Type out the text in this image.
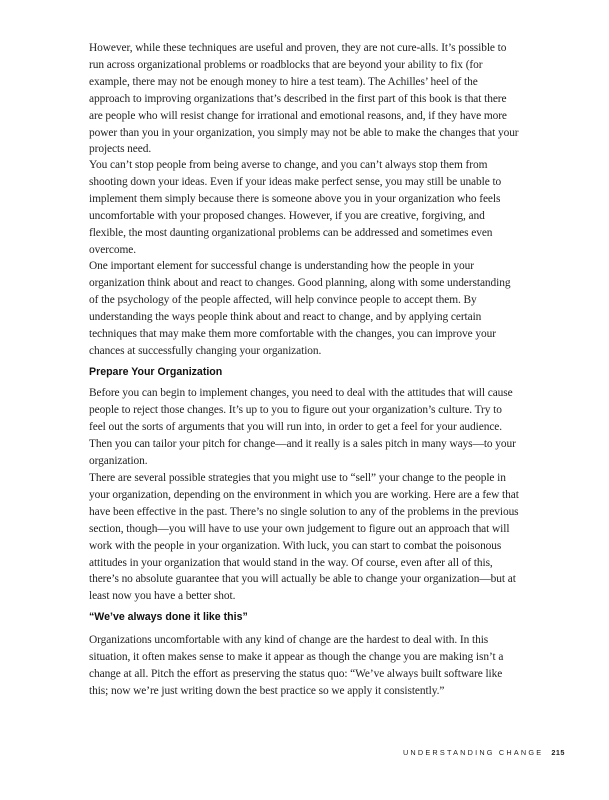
However, while these techniques are useful and proven, they are not cure-alls. It’s possible to run across organizational problems or roadblocks that are beyond your ability to fix (for example, there may not be enough money to hire a test team). The Achilles’ heel of the approach to improving organizations that’s described in the first part of this book is that there are people who will resist change for irrational and emotional reasons, and, if they have more power than you in your organization, you simply may not be able to make the changes that your projects need.

You can’t stop people from being averse to change, and you can’t always stop them from shooting down your ideas. Even if your ideas make perfect sense, you may still be unable to implement them simply because there is someone above you in your organization who feels uncomfortable with your proposed changes. However, if you are creative, forgiving, and flexible, the most daunting organizational problems can be addressed and sometimes even overcome.

One important element for successful change is understanding how the people in your organization think about and react to changes. Good planning, along with some understanding of the psychology of the people affected, will help convince people to accept them. By understanding the ways people think about and react to change, and by applying certain techniques that may make them more comfortable with the changes, you can improve your chances at successfully changing your organization.

Prepare Your Organization

Before you can begin to implement changes, you need to deal with the attitudes that will cause people to reject those changes. It’s up to you to figure out your organization’s culture. Try to feel out the sorts of arguments that you will run into, in order to get a feel for your audience. Then you can tailor your pitch for change—and it really is a sales pitch in many ways—to your organization.

There are several possible strategies that you might use to “sell” your change to the people in your organization, depending on the environment in which you are working. Here are a few that have been effective in the past. There’s no single solution to any of the problems in the previous section, though—you will have to use your own judgement to figure out an approach that will work with the people in your organization. With luck, you can start to combat the poisonous attitudes in your organization that would stand in the way. Of course, even after all of this, there’s no absolute guarantee that you will actually be able to change your organization—but at least now you have a better shot.

“We’ve always done it like this”

Organizations uncomfortable with any kind of change are the hardest to deal with. In this situation, it often makes sense to make it appear as though the change you are making isn’t a change at all. Pitch the effort as preserving the status quo: “We’ve always built software like this; now we’re just writing down the best practice so we apply it consistently.”

UNDERSTANDING CHANGE 215
